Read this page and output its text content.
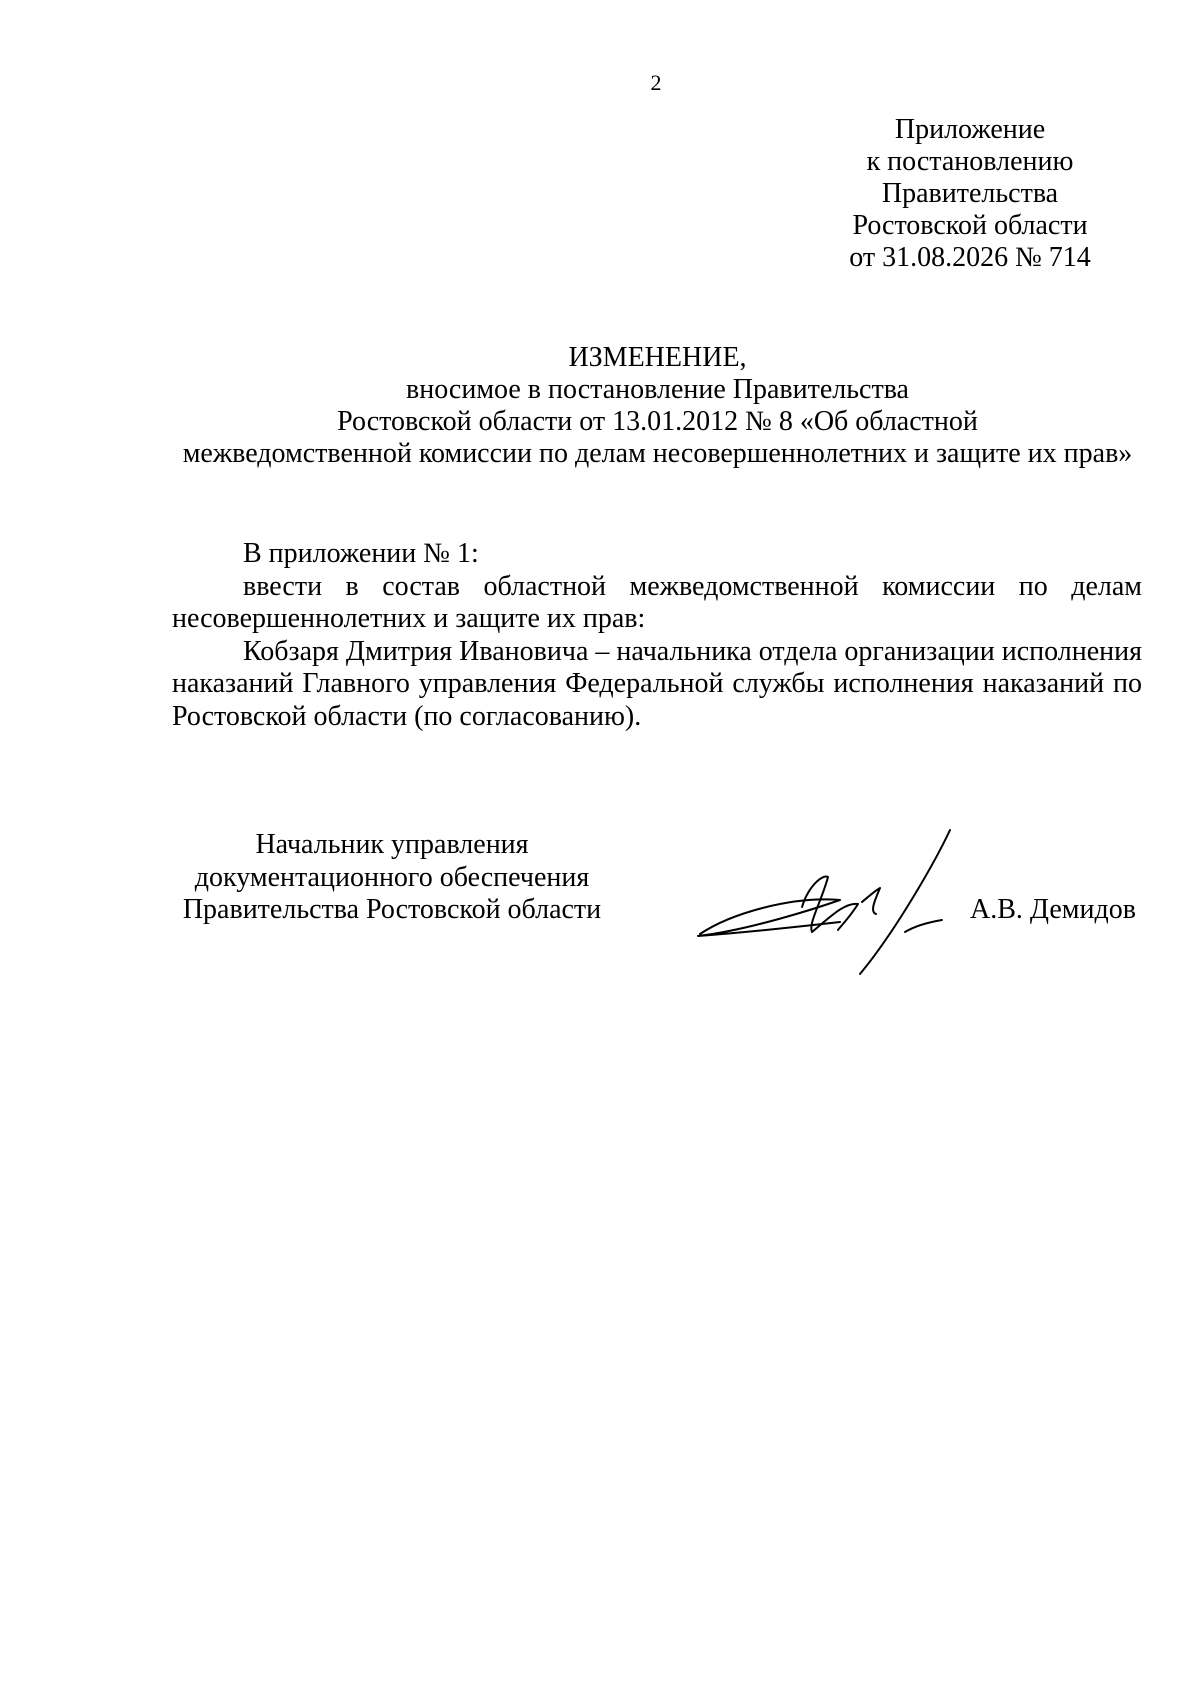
2
Приложение
к постановлению
Правительства
Ростовской области
от 31.08.2026 № 714
ИЗМЕНЕНИЕ,
вносимое в постановление Правительства
Ростовской области от 13.01.2012 № 8 «Об областной
межведомственной комиссии по делам несовершеннолетних и защите их прав»

В приложении № 1:

ввести в состав областной межведомственной комиссии по делам несовершеннолетних и защите их прав:

Кобзаря Дмитрия Ивановича – начальника отдела организации исполнения наказаний Главного управления Федеральной службы исполнения наказаний по Ростовской области (по согласованию).

Начальник управления
документационного обеспечения
Правительства Ростовской области	А.В. Демидов
